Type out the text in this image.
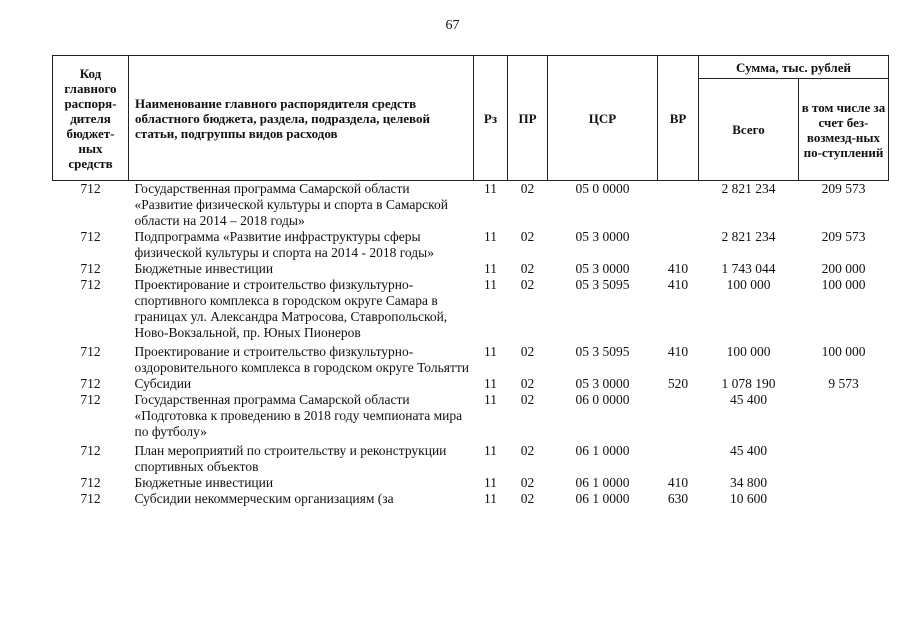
67
Код главного распоря-дителя бюджет-ных средств	Наименование главного распорядителя средств областного бюджета, раздела, подраздела, целевой статьи, подгруппы видов расходов	Рз	ПР	ЦСР	ВР	Сумма, тыс. рублей	
						Всего	в том числе за счет без-возмезд-ных по-ступлений
712	Государственная программа Самарской области «Развитие физической культуры и спорта в Самарской области на 2014 – 2018 годы»	11	02	05 0 0000		2 821 234	209 573
712	Подпрограмма «Развитие инфраструктуры сферы физической культуры и спорта на 2014 - 2018 годы»	11	02	05 3 0000		2 821 234	209 573
712	Бюджетные инвестиции	11	02	05 3 0000	410	1 743 044	200 000
712	Проектирование и строительство физкультурно-спортивного комплекса в городском округе Самара в границах ул. Александра Матросова, Ставропольской, Ново-Вокзальной, пр. Юных Пионеров	11	02	05 3 5095	410	100 000	100 000
712	Проектирование и строительство физкультурно-оздоровительного комплекса в городском округе Тольятти	11	02	05 3 5095	410	100 000	100 000
712	Субсидии	11	02	05 3 0000	520	1 078 190	9 573
712	Государственная программа Самарской области «Подготовка к проведению в 2018 году чемпионата мира по футболу»	11	02	06 0 0000		45 400	
712	План мероприятий по строительству и реконструкции спортивных объектов	11	02	06 1 0000		45 400	
712	Бюджетные инвестиции	11	02	06 1 0000	410	34 800	
712	Субсидии некоммерческим организациям (за	11	02	06 1 0000	630	10 600	
